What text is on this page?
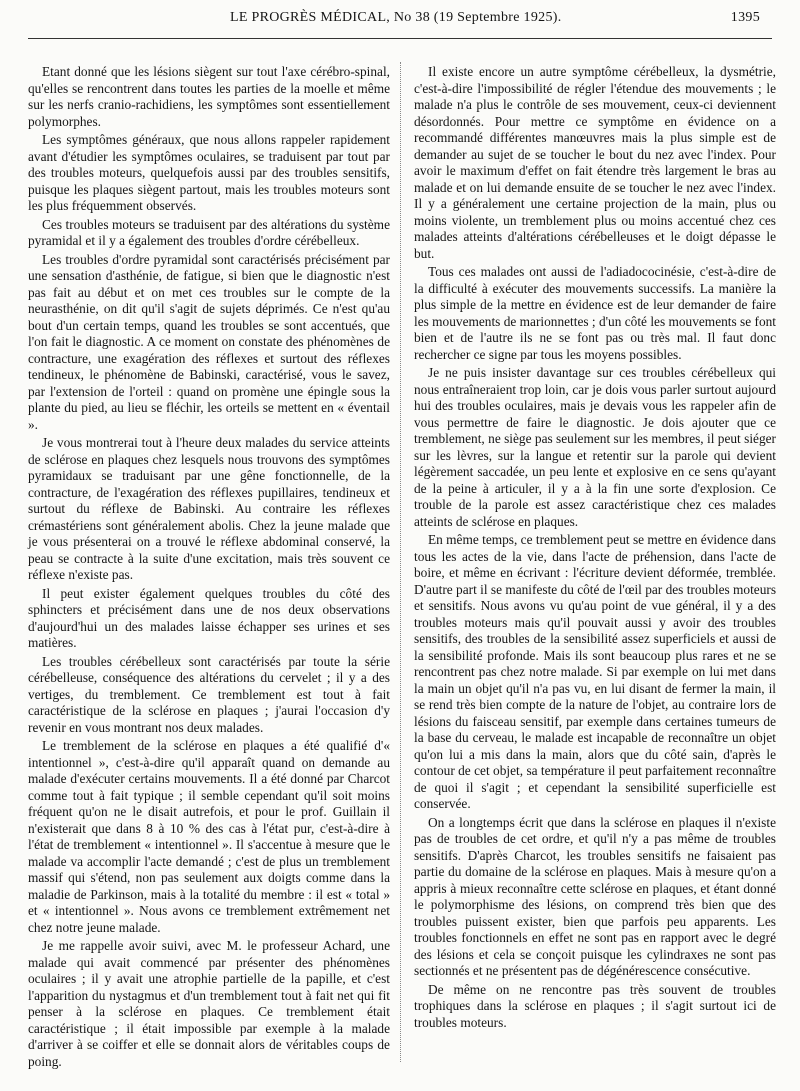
LE PROGRÈS MÉDICAL, No 38 (19 Septembre 1925).	1395

Etant donné que les lésions siègent sur tout l'axe cérébro-spinal, qu'elles se rencontrent dans toutes les parties de la moelle et même sur les nerfs cranio-rachidiens, les symptômes sont essentiellement polymorphes.

Les symptômes généraux, que nous allons rappeler rapidement avant d'étudier les symptômes oculaires, se traduisent par tout par des troubles moteurs, quelquefois aussi par des troubles sensitifs, puisque les plaques siègent partout, mais les troubles moteurs sont les plus fréquemment observés.

Ces troubles moteurs se traduisent par des altérations du système pyramidal et il y a également des troubles d'ordre cérébelleux.

Les troubles d'ordre pyramidal sont caractérisés précisément par une sensation d'asthénie, de fatigue, si bien que le diagnostic n'est pas fait au début et on met ces troubles sur le compte de la neurasthénie, on dit qu'il s'agit de sujets déprimés. Ce n'est qu'au bout d'un certain temps, quand les troubles se sont accentués, que l'on fait le diagnostic. A ce moment on constate des phénomènes de contracture, une exagération des réflexes et surtout des réflexes tendineux, le phénomène de Babinski, caractérisé, vous le savez, par l'extension de l'orteil : quand on promène une épingle sous la plante du pied, au lieu se fléchir, les orteils se mettent en « éventail ».

Je vous montrerai tout à l'heure deux malades du service atteints de sclérose en plaques chez lesquels nous trouvons des symptômes pyramidaux se traduisant par une gêne fonctionnelle, de la contracture, de l'exagération des réflexes pupillaires, tendineux et surtout du réflexe de Babinski. Au contraire les réflexes crémastériens sont généralement abolis. Chez la jeune malade que je vous présenterai on a trouvé le réflexe abdominal conservé, la peau se contracte à la suite d'une excitation, mais très souvent ce réflexe n'existe pas.

Il peut exister également quelques troubles du côté des sphincters et précisément dans une de nos deux observations d'aujourd'hui un des malades laisse échapper ses urines et ses matières.

Les troubles cérébelleux sont caractérisés par toute la série cérébelleuse, conséquence des altérations du cervelet ; il y a des vertiges, du tremblement. Ce tremblement est tout à fait caractéristique de la sclérose en plaques ; j'aurai l'occasion d'y revenir en vous montrant nos deux malades.

Le tremblement de la sclérose en plaques a été qualifié d'« intentionnel », c'est-à-dire qu'il apparaît quand on demande au malade d'exécuter certains mouvements. Il a été donné par Charcot comme tout à fait typique ; il semble cependant qu'il soit moins fréquent qu'on ne le disait autrefois, et pour le prof. Guillain il n'existerait que dans 8 à 10 % des cas à l'état pur, c'est-à-dire à l'état de tremblement « intentionnel ». Il s'accentue à mesure que le malade va accomplir l'acte demandé ; c'est de plus un tremblement massif qui s'étend, non pas seulement aux doigts comme dans la maladie de Parkinson, mais à la totalité du membre : il est « total » et « intentionnel ». Nous avons ce tremblement extrêmement net chez notre jeune malade.

Je me rappelle avoir suivi, avec M. le professeur Achard, une malade qui avait commencé par présenter des phénomènes oculaires ; il y avait une atrophie partielle de la papille, et c'est l'apparition du nystagmus et d'un tremblement tout à fait net qui fit penser à la sclérose en plaques. Ce tremblement était caractéristique ; il était impossible par exemple à la malade d'arriver à se coiffer et elle se donnait alors de véritables coups de poing.

Il existe encore un autre symptôme cérébelleux, la dysmétrie, c'est-à-dire l'impossibilité de régler l'étendue des mouvements ; le malade n'a plus le contrôle de ses mouvement, ceux-ci deviennent désordonnés. Pour mettre ce symptôme en évidence on a recommandé différentes manœuvres mais la plus simple est de demander au sujet de se toucher le bout du nez avec l'index. Pour avoir le maximum d'effet on fait étendre très largement le bras au malade et on lui demande ensuite de se toucher le nez avec l'index. Il y a généralement une certaine projection de la main, plus ou moins violente, un tremblement plus ou moins accentué chez ces malades atteints d'altérations cérébelleuses et le doigt dépasse le but.

Tous ces malades ont aussi de l'adiadococinésie, c'est-à-dire de la difficulté à exécuter des mouvements successifs. La manière la plus simple de la mettre en évidence est de leur demander de faire les mouvements de marionnettes ; d'un côté les mouvements se font bien et de l'autre ils ne se font pas ou très mal. Il faut donc rechercher ce signe par tous les moyens possibles.

Je ne puis insister davantage sur ces troubles cérébelleux qui nous entraîneraient trop loin, car je dois vous parler surtout aujourd hui des troubles oculaires, mais je devais vous les rappeler afin de vous permettre de faire le diagnostic. Je dois ajouter que ce tremblement, ne siège pas seulement sur les membres, il peut siéger sur les lèvres, sur la langue et retentir sur la parole qui devient légèrement saccadée, un peu lente et explosive en ce sens qu'ayant de la peine à articuler, il y a à la fin une sorte d'explosion. Ce trouble de la parole est assez caractéristique chez ces malades atteints de sclérose en plaques.

En même temps, ce tremblement peut se mettre en évidence dans tous les actes de la vie, dans l'acte de préhension, dans l'acte de boire, et même en écrivant : l'écriture devient déformée, tremblée. D'autre part il se manifeste du côté de l'œil par des troubles moteurs et sensitifs. Nous avons vu qu'au point de vue général, il y a des troubles moteurs mais qu'il pouvait aussi y avoir des troubles sensitifs, des troubles de la sensibilité assez superficiels et aussi de la sensibilité profonde. Mais ils sont beaucoup plus rares et ne se rencontrent pas chez notre malade. Si par exemple on lui met dans la main un objet qu'il n'a pas vu, en lui disant de fermer la main, il se rend très bien compte de la nature de l'objet, au contraire lors de lésions du faisceau sensitif, par exemple dans certaines tumeurs de la base du cerveau, le malade est incapable de reconnaître un objet qu'on lui a mis dans la main, alors que du côté sain, d'après le contour de cet objet, sa température il peut parfaitement reconnaître de quoi il s'agit ; et cependant la sensibilité superficielle est conservée.

On a longtemps écrit que dans la sclérose en plaques il n'existe pas de troubles de cet ordre, et qu'il n'y a pas même de troubles sensitifs. D'après Charcot, les troubles sensitifs ne faisaient pas partie du domaine de la sclérose en plaques. Mais à mesure qu'on a appris à mieux reconnaître cette sclérose en plaques, et étant donné le polymorphisme des lésions, on comprend très bien que des troubles puissent exister, bien que parfois peu apparents. Les troubles fonctionnels en effet ne sont pas en rapport avec le degré des lésions et cela se conçoit puisque les cylindraxes ne sont pas sectionnés et ne présentent pas de dégénérescence consécutive.

De même on ne rencontre pas très souvent de troubles trophiques dans la sclérose en plaques ; il s'agit surtout ici de troubles moteurs.
